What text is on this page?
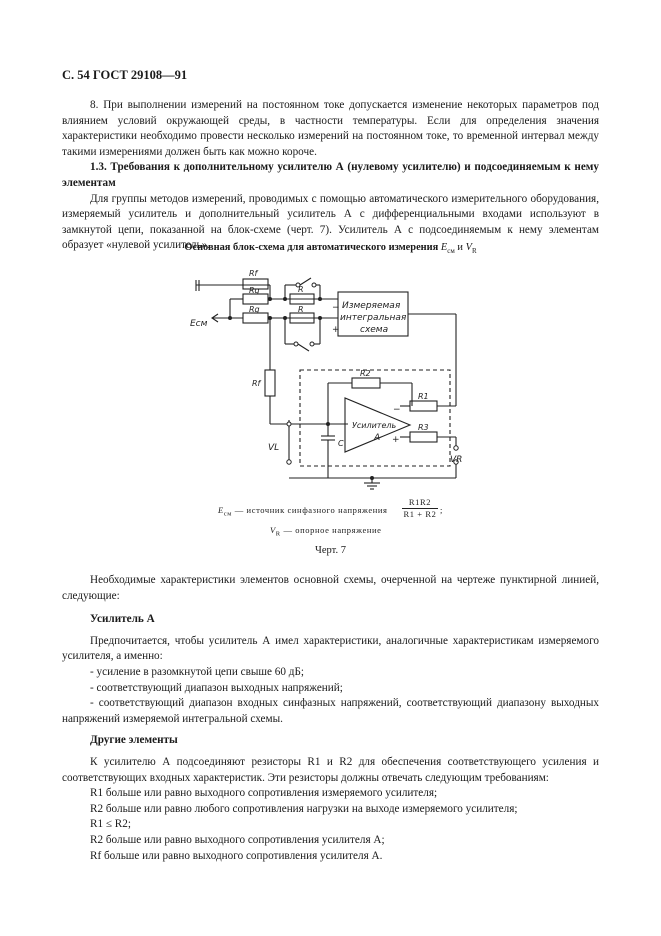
С. 54 ГОСТ 29108—91

8. При выполнении измерений на постоянном токе допускается изменение некоторых параметров под влиянием условий окружающей среды, в частности температуры. Если для определения значения характеристики необходимо провести несколько измерений на постоянном токе, то временной интервал между такими измерениями должен быть как можно короче.

1.3. Требования к дополнительному усилителю А (нулевому усилителю) и подсоединяемым к нему элементам

Для группы методов измерений, проводимых с помощью автоматического измерительного оборудования, измеряемый усилитель и дополнительный усилитель А с дифференциальными входами используют в замкнутой цепи, показанной на блок-схеме (черт. 7). Усилитель А с подсоединяемым к нему элементам образует «нулевой усилитель».

Основная блок-схема для автоматического измерения $E_{см}$ и $V_R$
Rf
Rg	R
Rg	R
Rf
R2
R1
R3
C
Eсм
VL
VR
−
+
Измеряемая
интегральная
схема
Усилитель
А
−
+
$E_{см}$ — источник синфазного напряжения
R1R2
R1 + R2 ;
$V_R$ — опорное напряжение
Черт. 7

Необходимые характеристики элементов основной схемы, очерченной на чертеже пунктирной линией, следующие:

Усилитель А

Предпочитается, чтобы усилитель А имел характеристики, аналогичные характеристикам измеряемого усилителя, а именно:

- усиление в разомкнутой цепи свыше 60 дБ;

- соответствующий диапазон выходных напряжений;

- соответствующий диапазон входных синфазных напряжений, соответствующий диапазону выходных напряжений измеряемой интегральной схемы.

Другие элементы

К усилителю А подсоединяют резисторы R1 и R2 для обеспечения соответствующего усиления и соответствующих входных характеристик. Эти резисторы должны отвечать следующим требованиям:

R1 больше или равно выходного сопротивления измеряемого усилителя;

R2 больше или равно любого сопротивления нагрузки на выходе измеряемого усилителя;

R1 ≤ R2;

R2 больше или равно выходного сопротивления усилителя А;

Rf больше или равно выходного сопротивления усилителя А.
